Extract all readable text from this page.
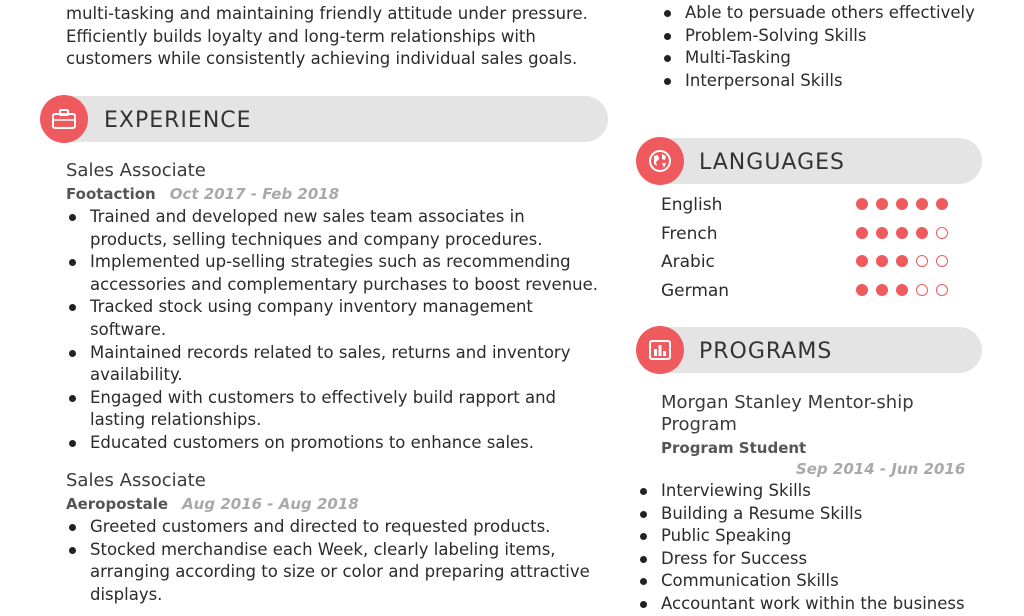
multi-tasking and maintaining friendly attitude under pressure.

Efficiently builds loyalty and long-term relationships with

customers while consistently achieving individual sales goals.

EXPERIENCE
Sales Associate
Footaction Oct 2017 - Feb 2018
Trained and developed new sales team associates in products, selling techniques and company procedures.
Implemented up-selling strategies such as recommending accessories and complementary purchases to boost revenue.
Tracked stock using company inventory management software.
Maintained records related to sales, returns and inventory availability.
Engaged with customers to effectively build rapport and lasting relationships.
Educated customers on promotions to enhance sales.
Sales Associate
Aeropostale Aug 2016 - Aug 2018
Greeted customers and directed to requested products.
Stocked merchandise each Week, clearly labeling items, arranging according to size or color and preparing attractive displays.
Able to persuade others effectively
Problem-Solving Skills
Multi-Tasking
Interpersonal Skills
LANGUAGES
English
French
Arabic
German
PROGRAMS
Morgan Stanley Mentor-ship Program
Program Student
Sep 2014 - Jun 2016
Interviewing Skills
Building a Resume Skills
Public Speaking
Dress for Success
Communication Skills
Accountant work within the business
